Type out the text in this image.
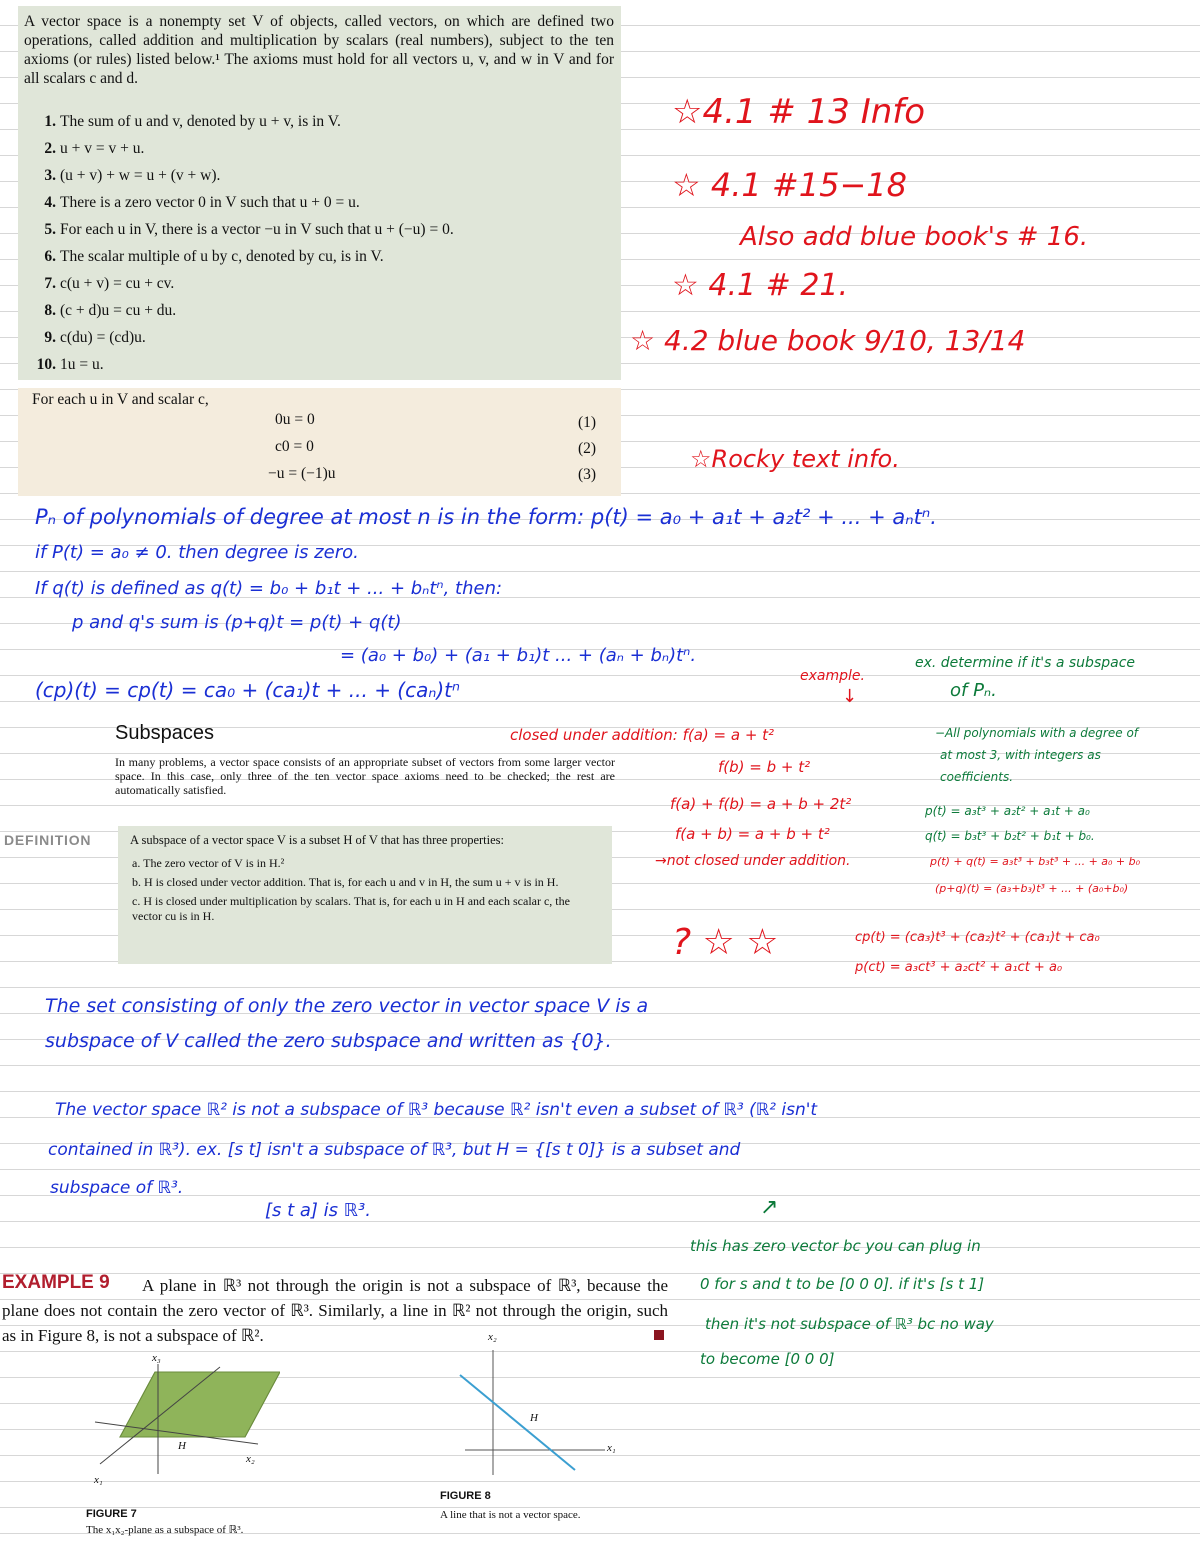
A vector space is a nonempty set V of objects, called vectors, on which are defined two operations, called addition and multiplication by scalars (real numbers), subject to the ten axioms (or rules) listed below.¹ The axioms must hold for all vectors u, v, and w in V and for all scalars c and d.
1. The sum of u and v, denoted by u + v, is in V.
2. u + v = v + u.
3. (u + v) + w = u + (v + w).
4. There is a zero vector 0 in V such that u + 0 = u.
5. For each u in V, there is a vector −u in V such that u + (−u) = 0.
6. The scalar multiple of u by c, denoted by cu, is in V.
7. c(u + v) = cu + cv.
8. (c + d)u = cu + du.
9. c(du) = (cd)u.
10. 1u = u.
For each u in V and scalar c,
0u = 0	(1)
c0 = 0	(2)
−u = (−1)u	(3)
☆4.1 # 13 Info
☆ 4.1 #15−18
Also add blue book's # 16.
☆ 4.1 # 21.
☆ 4.2 blue book 9/10, 13/14
☆Rocky text info.
Pₙ of polynomials of degree at most n is in the form: p(t) = a₀ + a₁t + a₂t² + ... + aₙtⁿ.
if P(t) = a₀ ≠ 0. then degree is zero.
If q(t) is defined as q(t) = b₀ + b₁t + ... + bₙtⁿ, then:
p and q's sum is (p+q)t = p(t) + q(t)
= (a₀ + b₀) + (a₁ + b₁)t ... + (aₙ + bₙ)tⁿ.
(cp)(t) = cp(t) = ca₀ + (ca₁)t + ... + (caₙ)tⁿ
Subspaces
In many problems, a vector space consists of an appropriate subset of vectors from some larger vector space. In this case, only three of the ten vector space axioms need to be checked; the rest are automatically satisfied.
DEFINITION	A subspace of a vector space V is a subset H of V that has three properties:
a. The zero vector of V is in H.²
b. H is closed under vector addition. That is, for each u and v in H, the sum u + v is in H.
c. H is closed under multiplication by scalars. That is, for each u in H and each scalar c, the vector cu is in H.
example.
↓
closed under addition: f(a) = a + t²
f(b) = b + t²
f(a) + f(b) = a + b + 2t²
f(a + b) = a + b + t²
→not closed under addition.
? ☆ ☆
ex. determine if it's a subspace
of Pₙ.
−All polynomials with a degree of
at most 3, with integers as
coefficients.
p(t) = a₃t³ + a₂t² + a₁t + a₀
q(t) = b₃t³ + b₂t² + b₁t + b₀.
p(t) + q(t) = a₃t³ + b₃t³ + ... + a₀ + b₀
(p+q)(t) = (a₃+b₃)t³ + ... + (a₀+b₀)
cp(t) = (ca₃)t³ + (ca₂)t² + (ca₁)t + ca₀
p(ct) = a₃ct³ + a₂ct² + a₁ct + a₀
The set consisting of only the zero vector in vector space V is a
subspace of V called the zero subspace and written as {0}.
The vector space ℝ² is not a subspace of ℝ³ because ℝ² isn't even a subset of ℝ³ (ℝ² isn't
contained in ℝ³). ex. [s t] isn't a subspace of ℝ³, but H = {[s t 0]} is a subset and
subspace of ℝ³.
[s t a] is ℝ³.	↗
this has zero vector bc you can plug in
0 for s and t to be [0 0 0]. if it's [s t 1]
then it's not subspace of ℝ³ bc no way
to become [0 0 0]
A plane in ℝ³ not through the origin is not a subspace of ℝ³, because the plane does not contain the zero vector of ℝ³. Similarly, a line in ℝ² not through the origin, such as in Figure 8, is not a subspace of ℝ².
EXAMPLE 9
x₃
x₂
x₁
H
FIGURE 7
The x₁x₂-plane as a subspace of ℝ³.
x₂
x₁
H
FIGURE 8
A line that is not a vector space.
